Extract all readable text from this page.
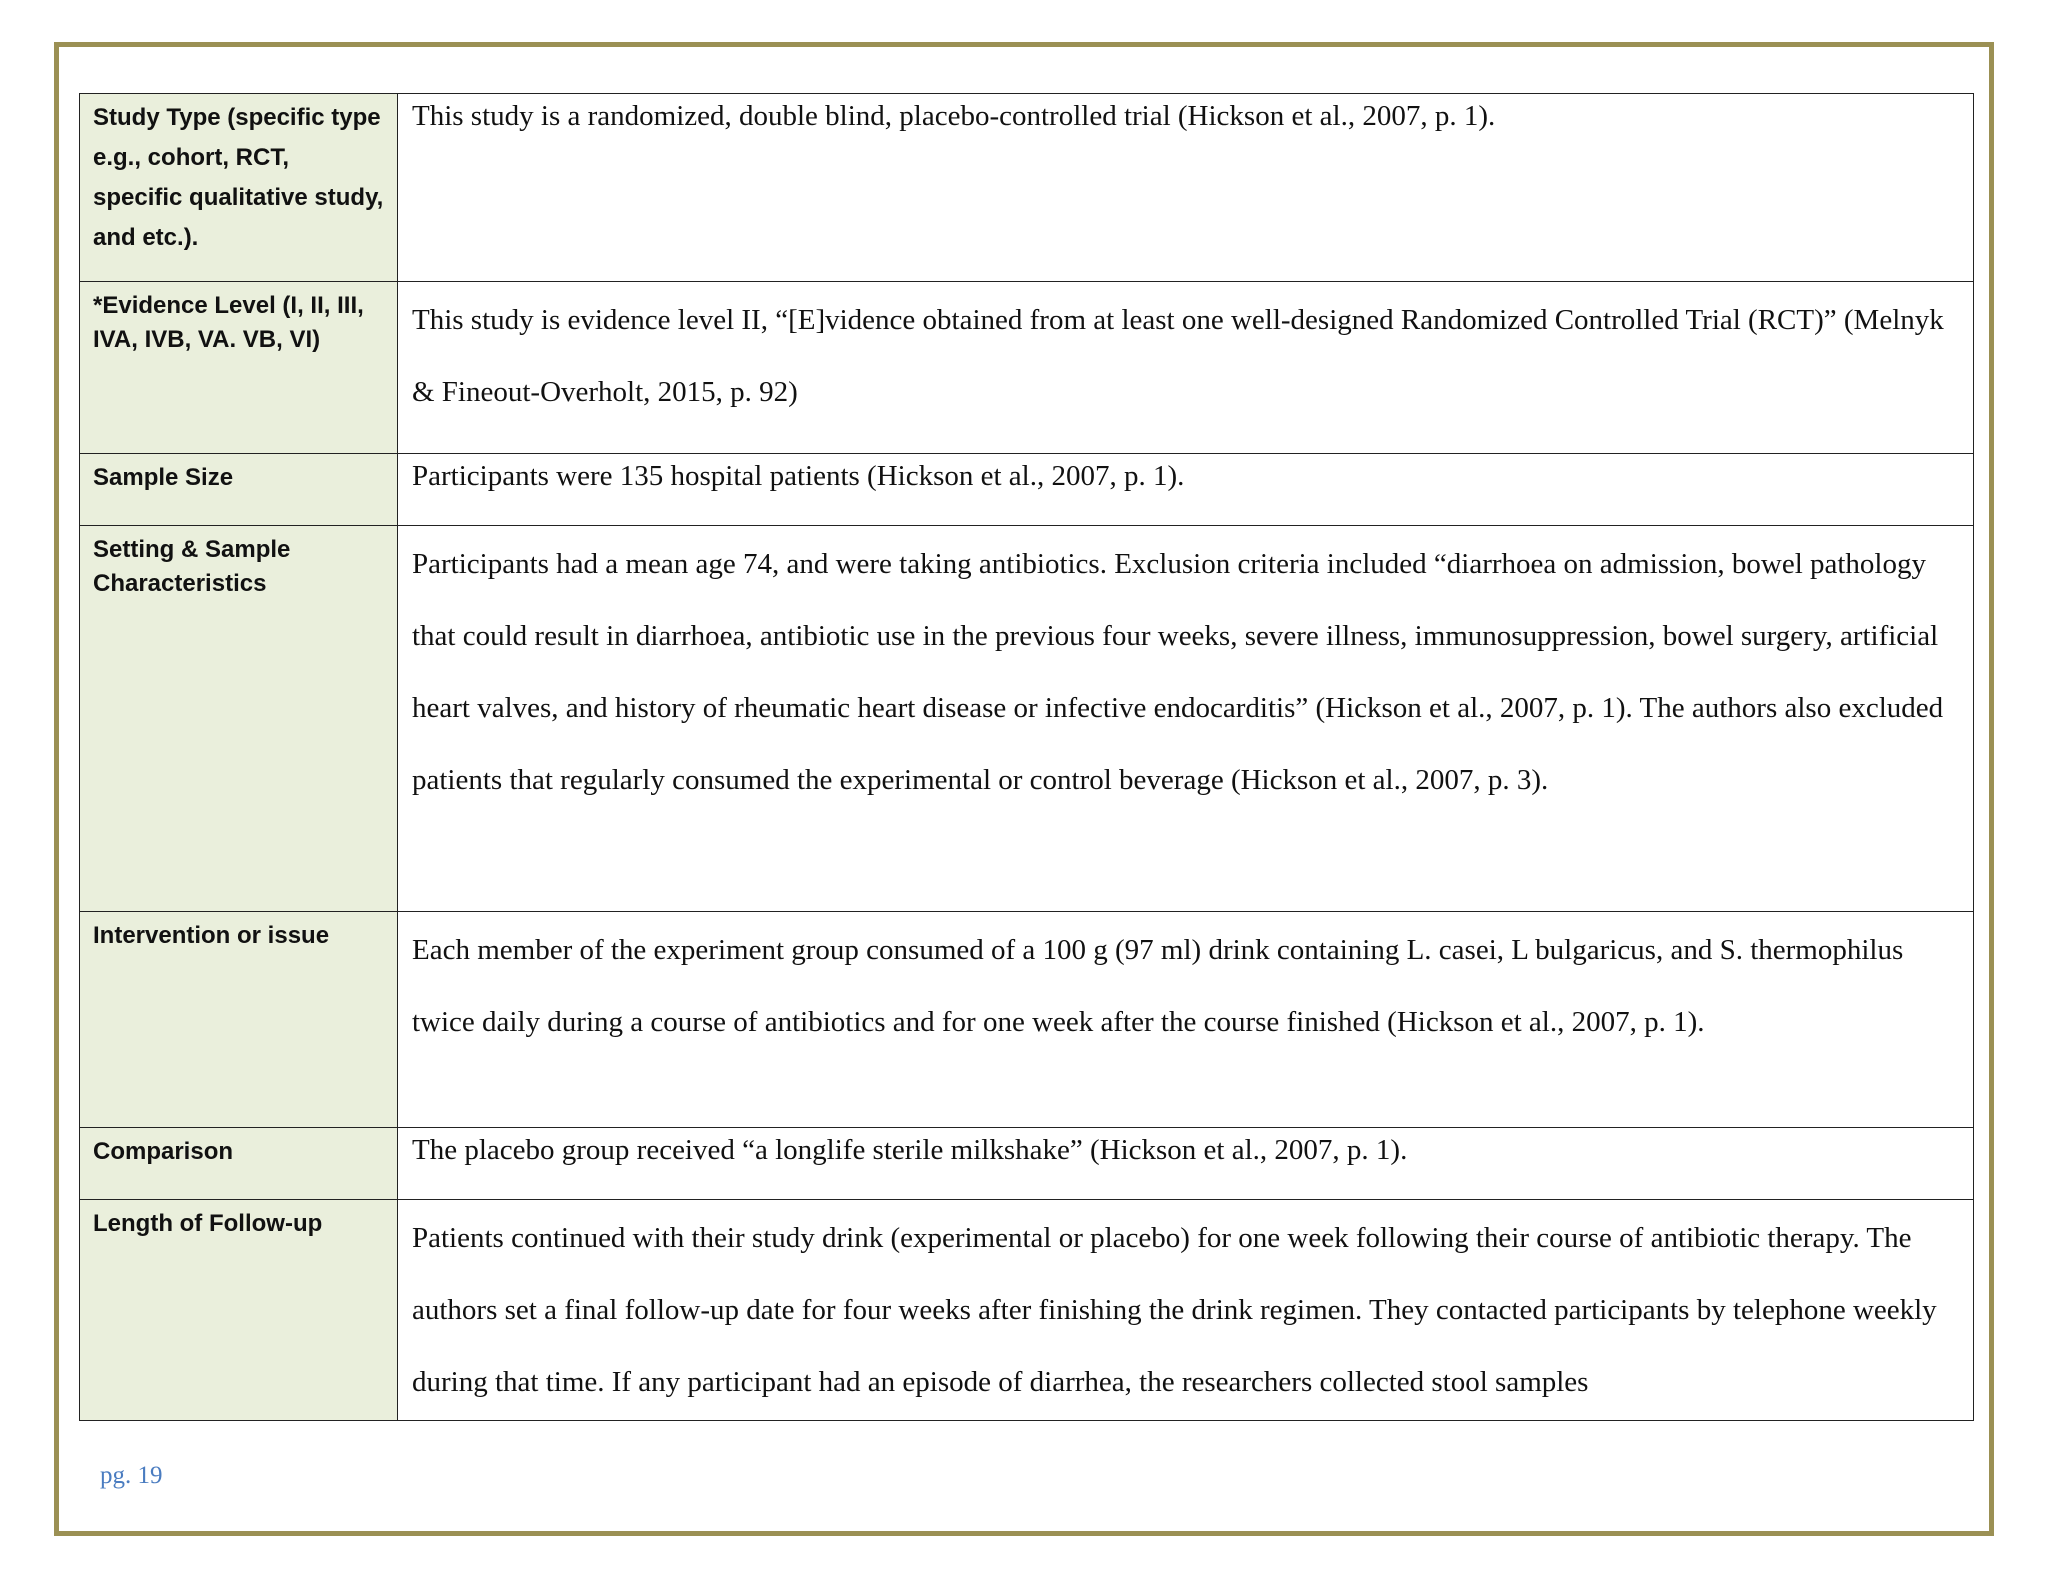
Study Type (specific type e.g., cohort, RCT, specific qualitative study, and etc.).	This study is a randomized, double blind, placebo-controlled trial (Hickson et al., 2007, p. 1).

*Evidence Level (I, II, III, IVA, IVB, VA. VB, VI)	This study is evidence level II, “[E]vidence obtained from at least one well-designed Randomized Controlled Trial (RCT)” (Melnyk & Fineout-Overholt, 2015, p. 92)
Sample Size	Participants were 135 hospital patients (Hickson et al., 2007, p. 1).

Setting & Sample Characteristics	Participants had a mean age 74, and were taking antibiotics. Exclusion criteria included “diarrhoea on admission, bowel pathology that could result in diarrhoea, antibiotic use in the previous four weeks, severe illness, immunosuppression, bowel surgery, artificial heart valves, and history of rheumatic heart disease or infective endocarditis” (Hickson et al., 2007, p. 1). The authors also excluded patients that regularly consumed the experimental or control beverage (Hickson et al., 2007, p. 3).
Intervention or issue	Each member of the experiment group consumed of a 100 g (97 ml) drink containing L. casei, L bulgaricus, and S. thermophilus twice daily during a course of antibiotics and for one week after the course finished (Hickson et al., 2007, p. 1).
Comparison	The placebo group received “a longlife sterile milkshake” (Hickson et al., 2007, p. 1).

Length of Follow-up	Patients continued with their study drink (experimental or placebo) for one week following their course of antibiotic therapy. The authors set a final follow-up date for four weeks after finishing the drink regimen. They contacted participants by telephone weekly during that time. If any participant had an episode of diarrhea, the researchers collected stool samples
pg. 19
